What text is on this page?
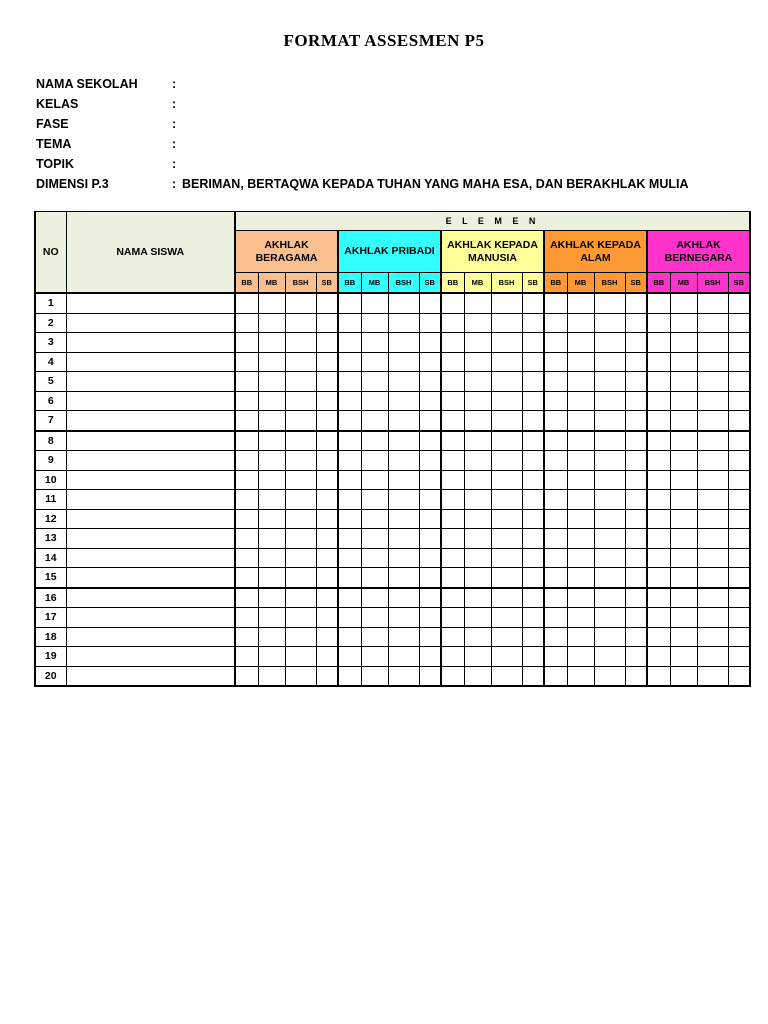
FORMAT ASSESMEN P5
NAMA SEKOLAH	:
KELAS	:
FASE	:
TEMA	:
TOPIK	:
DIMENSI P.3	: BERIMAN, BERTAQWA KEPADA TUHAN YANG MAHA ESA, DAN BERAKHLAK MULIA
NO	NAMA SISWA	E L E M E N																			
		AKHLAK BERAGAMA				AKHLAK PRIBADI				AKHLAK KEPADA MANUSIA				AKHLAK KEPADA ALAM				AKHLAK BERNEGARA			
		BB	MB	BSH	SB	BB	MB	BSH	SB	BB	MB	BSH	SB	BB	MB	BSH	SB	BB	MB	BSH	SB
1																					
2																					
3																					
4																					
5																					
6																					
7																					
8																					
9																					
10																					
11																					
12																					
13																					
14																					
15																					
16																					
17																					
18																					
19																					
20																					
